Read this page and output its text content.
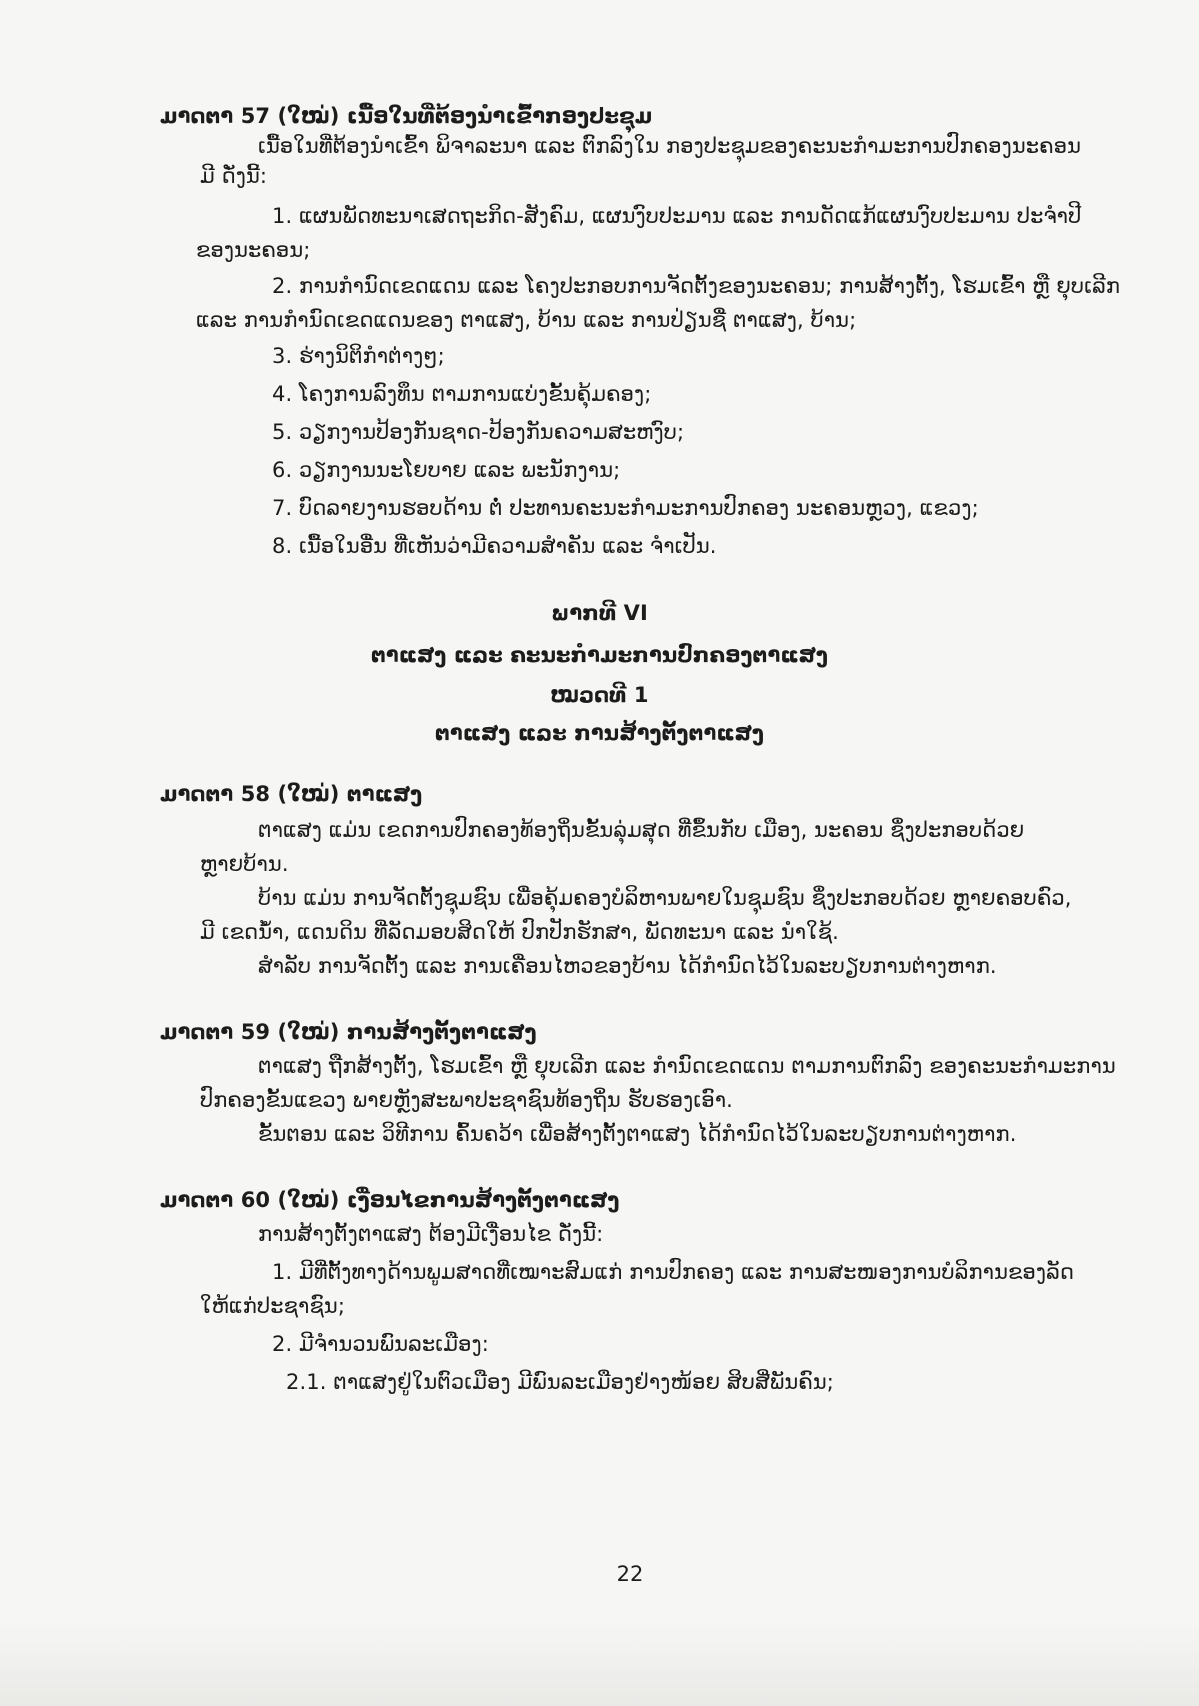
ມາດຕາ 57 (ໃໝ່) ເນື້ອໃນທີ່ຕ້ອງນຳເຂົ້າກອງປະຊຸມ
ເນື້ອໃນທີ່ຕ້ອງນຳເຂົ້າ ພິຈາລະນາ ແລະ ຕົກລົງໃນ ກອງປະຊຸມຂອງຄະນະກຳມະການປົກຄອງນະຄອນ
ມີ ດັ່ງນີ້:
1. ແຜນພັດທະນາເສດຖະກິດ-ສັງຄົມ, ແຜນງົບປະມານ ແລະ ການດັດແກ້ແຜນງົບປະມານ ປະຈຳປີ
ຂອງນະຄອນ;
2. ການກຳນົດເຂດແດນ ແລະ ໂຄງປະກອບການຈັດຕັ້ງຂອງນະຄອນ; ການສ້າງຕັ້ງ, ໂຮມເຂົ້າ ຫຼື ຍຸບເລີກ
ແລະ ການກຳນົດເຂດແດນຂອງ ຕາແສງ, ບ້ານ ແລະ ການປ່ຽນຊື່ ຕາແສງ, ບ້ານ;
3. ຮ່າງນິຕິກຳຕ່າງໆ;
4. ໂຄງການລົງທຶນ ຕາມການແບ່ງຂັ້ນຄຸ້ມຄອງ;
5. ວຽກງານປ້ອງກັນຊາດ-ປ້ອງກັນຄວາມສະຫງົບ;
6. ວຽກງານນະໂຍບາຍ ແລະ ພະນັກງານ;
7. ບົດລາຍງານຮອບດ້ານ ຕໍ່ ປະທານຄະນະກຳມະການປົກຄອງ ນະຄອນຫຼວງ, ແຂວງ;
8. ເນື້ອໃນອື່ນ ທີ່ເຫັນວ່າມີຄວາມສຳຄັນ ແລະ ຈຳເປັນ.
ພາກທີ VI
ຕາແສງ ແລະ ຄະນະກຳມະການປົກຄອງຕາແສງ
ໝວດທີ 1
ຕາແສງ ແລະ ການສ້າງຕັ້ງຕາແສງ
ມາດຕາ 58 (ໃໝ່) ຕາແສງ
ຕາແສງ ແມ່ນ ເຂດການປົກຄອງທ້ອງຖິ່ນຂັ້ນລຸ່ມສຸດ ທີ່ຂຶ້ນກັບ ເມືອງ, ນະຄອນ ຊຶ່ງປະກອບດ້ວຍ
ຫຼາຍບ້ານ.
ບ້ານ ແມ່ນ ການຈັດຕັ້ງຊຸມຊົນ ເພື່ອຄຸ້ມຄອງບໍລິຫານພາຍໃນຊຸມຊົນ ຊຶ່ງປະກອບດ້ວຍ ຫຼາຍຄອບຄົວ,
ມີ ເຂດນ້ຳ, ແດນດິນ ທີ່ລັດມອບສິດໃຫ້ ປົກປັກຮັກສາ, ພັດທະນາ ແລະ ນຳໃຊ້.
ສຳລັບ ການຈັດຕັ້ງ ແລະ ການເຄື່ອນໄຫວຂອງບ້ານ ໄດ້ກຳນົດໄວ້ໃນລະບຽບການຕ່າງຫາກ.
ມາດຕາ 59 (ໃໝ່) ການສ້າງຕັ້ງຕາແສງ
ຕາແສງ ຖືກສ້າງຕັ້ງ, ໂຮມເຂົ້າ ຫຼື ຍຸບເລີກ ແລະ ກຳນົດເຂດແດນ ຕາມການຕົກລົງ ຂອງຄະນະກຳມະການ
ປົກຄອງຂັ້ນແຂວງ ພາຍຫຼັງສະພາປະຊາຊົນທ້ອງຖິ່ນ ຮັບຮອງເອົາ.
ຂັ້ນຕອນ ແລະ ວິທີການ ຄົ້ນຄວ້າ ເພື່ອສ້າງຕັ້ງຕາແສງ ໄດ້ກຳນົດໄວ້ໃນລະບຽບການຕ່າງຫາກ.
ມາດຕາ 60 (ໃໝ່) ເງື່ອນໄຂການສ້າງຕັ້ງຕາແສງ
ການສ້າງຕັ້ງຕາແສງ ຕ້ອງມີເງື່ອນໄຂ ດັ່ງນີ້:
1. ມີທີ່ຕັ້ງທາງດ້ານພູມສາດທີ່ເໝາະສົມແກ່ ການປົກຄອງ ແລະ ການສະໜອງການບໍລິການຂອງລັດ
ໃຫ້ແກ່ປະຊາຊົນ;
2. ມີຈຳນວນພົນລະເມືອງ:
2.1. ຕາແສງຢູ່ໃນຕົວເມືອງ ມີພົນລະເມືອງຢ່າງໜ້ອຍ ສິບສີ່ພັນຄົນ;
22
